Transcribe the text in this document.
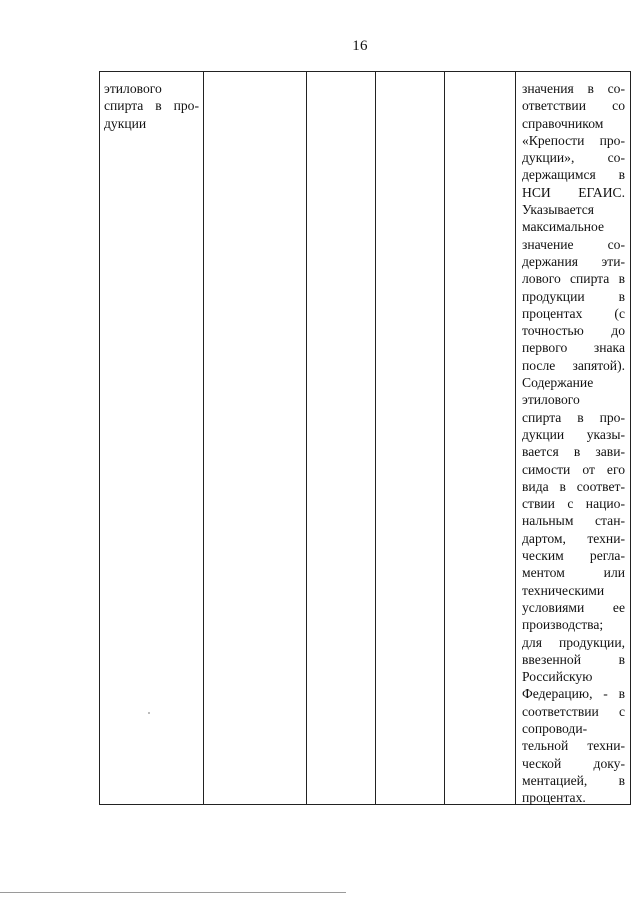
16
этилового
спирта в про-
дукции
значения в со-
ответствии со
справочником
«Крепости про-
дукции», со-
держащимся в
НСИ ЕГАИС.
Указывается
максимальное
значение со-
держания эти-
лового спирта в
продукции в
процентах (с
точностью до
первого знака
после запятой).
Содержание
этилового
спирта в про-
дукции указы-
вается в зави-
симости от его
вида в соответ-
ствии с нацио-
нальным стан-
дартом, техни-
ческим регла-
ментом или
техническими
условиями ее
производства;
для продукции,
ввезенной в
Российскую
Федерацию, - в
соответствии с
сопроводи-
тельной техни-
ческой доку-
ментацией, в
процентах.
